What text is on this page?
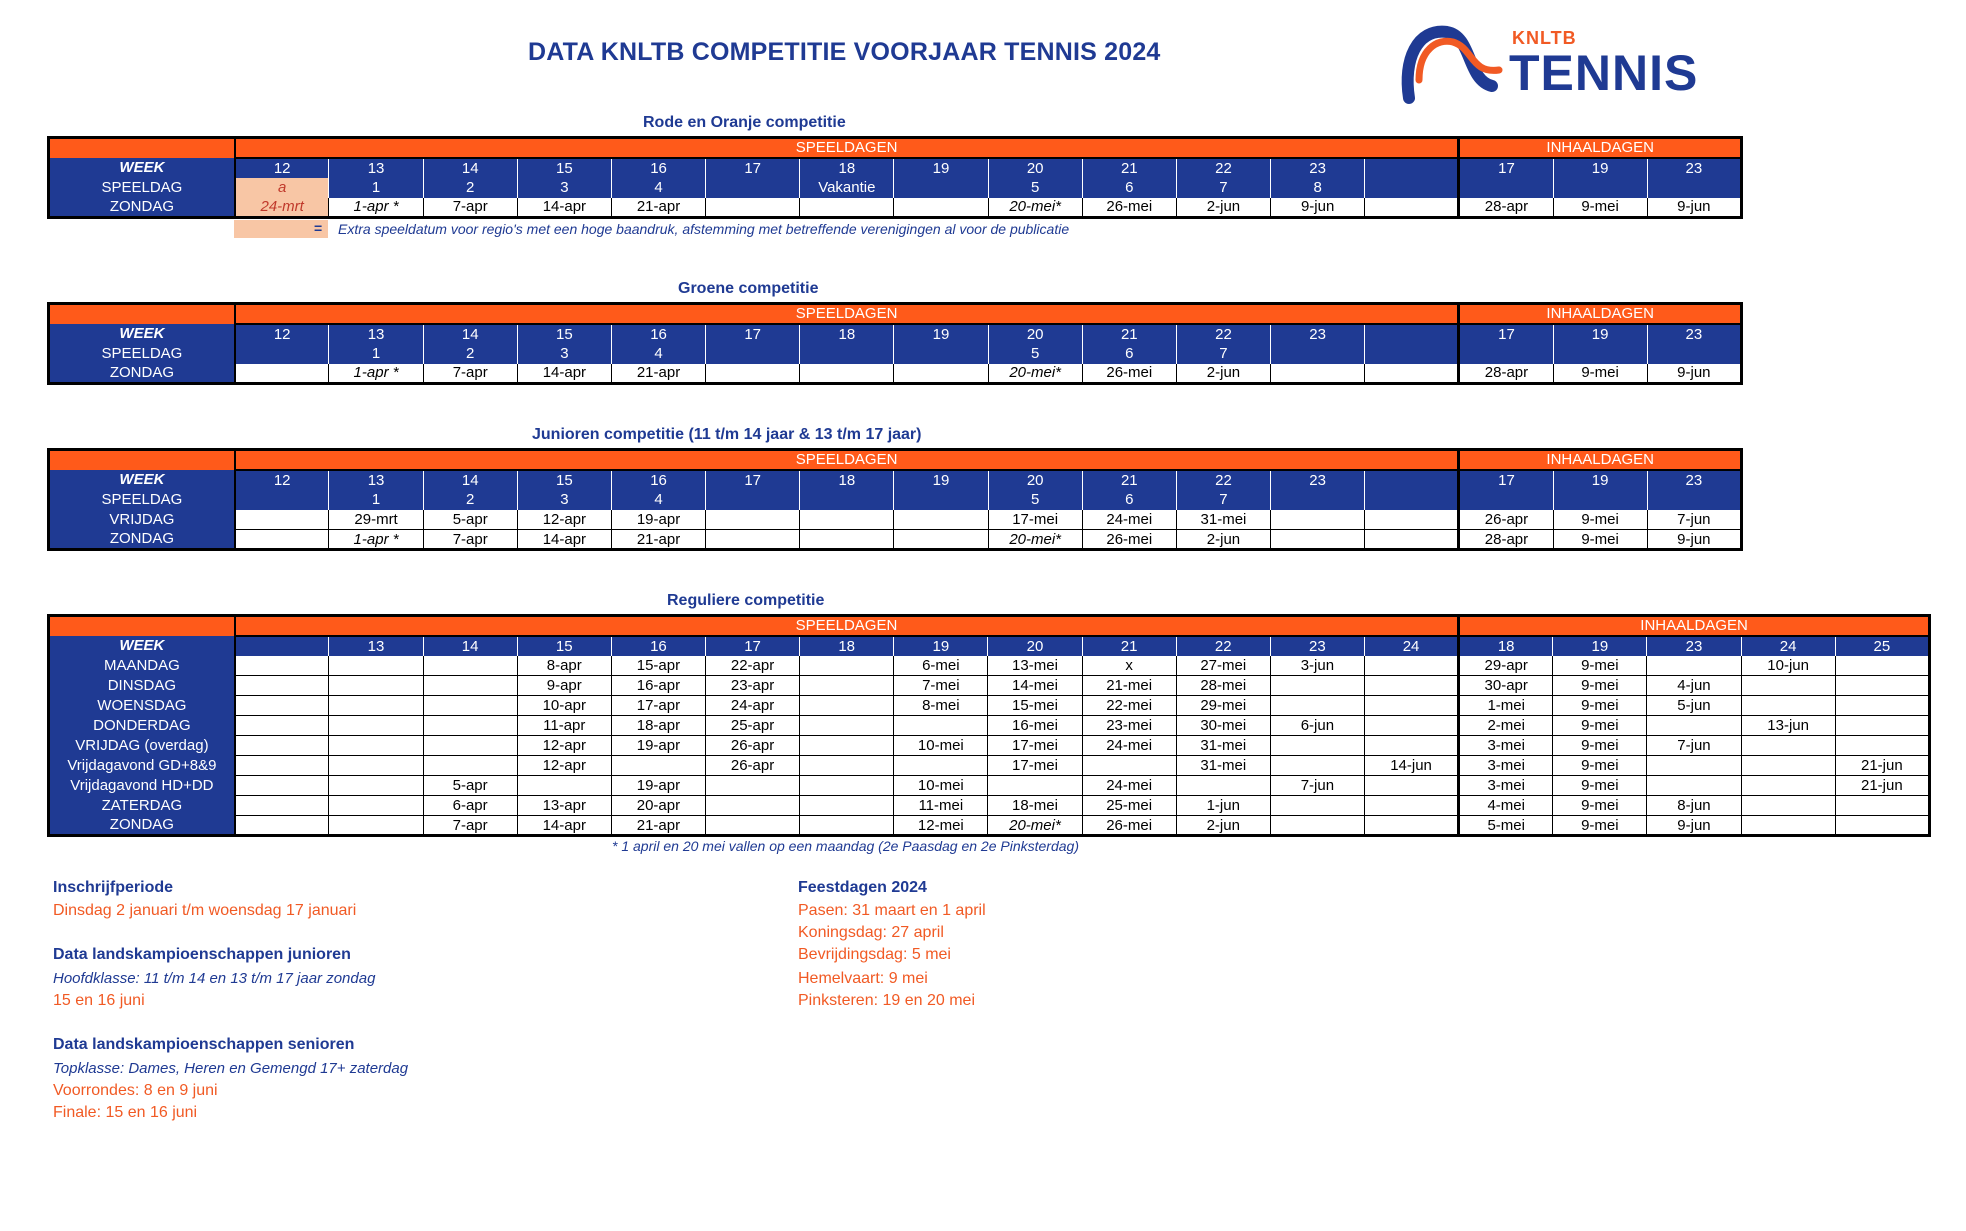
DATA KNLTB COMPETITIE VOORJAAR TENNIS 2024	KNLTB
TENNIS
Rode en Oranje competitie
	SPEELDAGEN													INHAALDAGEN		
WEEK	12	13	14	15	16	17	18	19	20	21	22	23		17	19	23
SPEELDAG	a	1	2	3	4		Vakantie		5	6	7	8				
ZONDAG	24-mrt	1-apr *	7-apr	14-apr	21-apr				20-mei*	26-mei	2-jun	9-jun		28-apr	9-mei	9-jun
= Extra speeldatum voor regio's met een hoge baandruk, afstemming met betreffende verenigingen al voor de publicatie
Groene competitie
	SPEELDAGEN													INHAALDAGEN		
WEEK	12	13	14	15	16	17	18	19	20	21	22	23		17	19	23
SPEELDAG		1	2	3	4				5	6	7					
ZONDAG		1-apr *	7-apr	14-apr	21-apr				20-mei*	26-mei	2-jun			28-apr	9-mei	9-jun
Junioren competitie (11 t/m 14 jaar & 13 t/m 17 jaar)
	SPEELDAGEN													INHAALDAGEN		
WEEK	12	13	14	15	16	17	18	19	20	21	22	23		17	19	23
SPEELDAG		1	2	3	4				5	6	7					
VRIJDAG		29-mrt	5-apr	12-apr	19-apr				17-mei	24-mei	31-mei			26-apr	9-mei	7-jun
ZONDAG		1-apr *	7-apr	14-apr	21-apr				20-mei*	26-mei	2-jun			28-apr	9-mei	9-jun
Reguliere competitie
	SPEELDAGEN													INHAALDAGEN				
WEEK		13	14	15	16	17	18	19	20	21	22	23	24	18	19	23	24	25
MAANDAG				8-apr	15-apr	22-apr		6-mei	13-mei	x	27-mei	3-jun		29-apr	9-mei		10-jun	
DINSDAG				9-apr	16-apr	23-apr		7-mei	14-mei	21-mei	28-mei			30-apr	9-mei	4-jun		
WOENSDAG				10-apr	17-apr	24-apr		8-mei	15-mei	22-mei	29-mei			1-mei	9-mei	5-jun		
DONDERDAG				11-apr	18-apr	25-apr			16-mei	23-mei	30-mei	6-jun		2-mei	9-mei		13-jun	
VRIJDAG (overdag)				12-apr	19-apr	26-apr		10-mei	17-mei	24-mei	31-mei			3-mei	9-mei	7-jun		
Vrijdagavond GD+8&9				12-apr		26-apr			17-mei		31-mei		14-jun	3-mei	9-mei			21-jun
Vrijdagavond HD+DD			5-apr		19-apr			10-mei		24-mei		7-jun		3-mei	9-mei			21-jun
ZATERDAG			6-apr	13-apr	20-apr			11-mei	18-mei	25-mei	1-jun			4-mei	9-mei	8-jun		
ZONDAG			7-apr	14-apr	21-apr			12-mei	20-mei*	26-mei	2-jun			5-mei	9-mei	9-jun		
* 1 april en 20 mei vallen op een maandag (2e Paasdag en 2e Pinksterdag)
Inschrijfperiode
Dinsdag 2 januari t/m woensdag 17 januari
Data landskampioenschappen junioren
Hoofdklasse: 11 t/m 14 en 13 t/m 17 jaar zondag
15 en 16 juni
Data landskampioenschappen senioren
Topklasse: Dames, Heren en Gemengd 17+ zaterdag
Voorrondes: 8 en 9 juni
Finale: 15 en 16 juni
Feestdagen 2024
Pasen: 31 maart en 1 april
Koningsdag: 27 april
Bevrijdingsdag: 5 mei
Hemelvaart: 9 mei
Pinksteren: 19 en 20 mei
